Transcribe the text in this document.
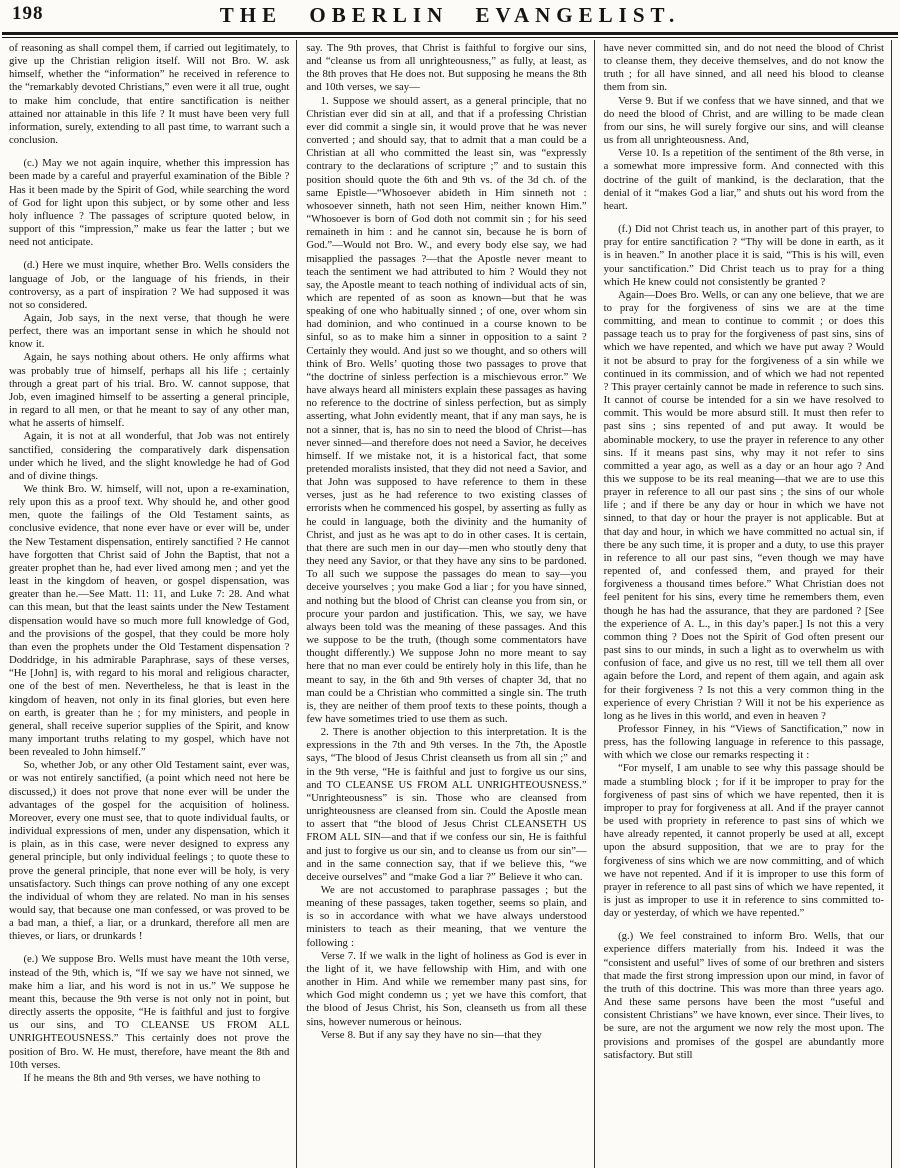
198	THE OBERLIN EVANGELIST.

of reasoning as shall compel them, if carried out legitimately, to give up the Christian religion itself. Will not Bro. W. ask himself, whether the “information” he received in reference to the “remarkably devoted Christians,” even were it all true, ought to make him conclude, that entire sanctification is neither attained nor attainable in this life ? It must have been very full information, surely, extending to all past time, to warrant such a conclusion.

(c.) May we not again inquire, whether this impression has been made by a careful and prayerful examination of the Bible ? Has it been made by the Spirit of God, while searching the word of God for light upon this subject, or by some other and less holy influence ? The passages of scripture quoted below, in support of this “impression,” make us fear the latter ; but we need not anticipate.

(d.) Here we must inquire, whether Bro. Wells considers the language of Job, or the language of his friends, in their controversy, as a part of inspiration ? We had supposed it was not so considered.

Again, Job says, in the next verse, that though he were perfect, there was an important sense in which he should not know it.

Again, he says nothing about others. He only affirms what was probably true of himself, perhaps all his life ; certainly through a great part of his trial. Bro. W. cannot suppose, that Job, even imagined himself to be asserting a general principle, in regard to all men, or that he meant to say of any other man, what he asserts of himself.

Again, it is not at all wonderful, that Job was not entirely sanctified, considering the comparatively dark dispensation under which he lived, and the slight knowledge he had of God and of divine things.

We think Bro. W. himself, will not, upon a re-examination, rely upon this as a proof text. Why should he, and other good men, quote the failings of the Old Testament saints, as conclusive evidence, that none ever have or ever will be, under the New Testament dispensation, entirely sanctified ? He cannot have forgotten that Christ said of John the Baptist, that not a greater prophet than he, had ever lived among men ; and yet the least in the kingdom of heaven, or gospel dispensation, was greater than he.—See Matt. 11: 11, and Luke 7: 28. And what can this mean, but that the least saints under the New Testament dispensation would have so much more full knowledge of God, and the provisions of the gospel, that they could be more holy than even the prophets under the Old Testament dispensation ? Doddridge, in his admirable Paraphrase, says of these verses, “He [John] is, with regard to his moral and religious character, one of the best of men. Nevertheless, he that is least in the kingdom of heaven, not only in its final glories, but even here on earth, is greater than he ; for my ministers, and people in general, shall receive superior supplies of the Spirit, and know many important truths relating to my gospel, which have not been revealed to John himself.”

So, whether Job, or any other Old Testament saint, ever was, or was not entirely sanctified, (a point which need not here be discussed,) it does not prove that none ever will be under the advantages of the gospel for the acquisition of holiness. Moreover, every one must see, that to quote individual faults, or individual expressions of men, under any dispensation, which it is plain, as in this case, were never designed to express any general principle, but only individual feelings ; to quote these to prove the general principle, that none ever will be holy, is very unsatisfactory. Such things can prove nothing of any one except the individual of whom they are related. No man in his senses would say, that because one man confessed, or was proved to be a bad man, a thief, a liar, or a drunkard, therefore all men are thieves, or liars, or drunkards !

(e.) We suppose Bro. Wells must have meant the 10th verse, instead of the 9th, which is, “If we say we have not sinned, we make him a liar, and his word is not in us.” We suppose he meant this, because the 9th verse is not only not in point, but directly asserts the opposite, “He is faithful and just to forgive us our sins, and TO CLEANSE US FROM ALL UNRIGHTEOUSNESS.” This certainly does not prove the position of Bro. W. He must, therefore, have meant the 8th and 10th verses.

If he means the 8th and 9th verses, we have nothing to

say. The 9th proves, that Christ is faithful to forgive our sins, and “cleanse us from all unrighteousness,” as fully, at least, as the 8th proves that He does not. But supposing he means the 8th and 10th verses, we say—

1. Suppose we should assert, as a general principle, that no Christian ever did sin at all, and that if a professing Christian ever did commit a single sin, it would prove that he was never converted ; and should say, that to admit that a man could be a Christian at all who committed the least sin, was “expressly contrary to the declarations of scripture ;” and to sustain this position should quote the 6th and 9th vs. of the 3d ch. of the same Epistle—“Whosoever abideth in Him sinneth not : whosoever sinneth, hath not seen Him, neither known Him.” “Whosoever is born of God doth not commit sin ; for his seed remaineth in him : and he cannot sin, because he is born of God.”—Would not Bro. W., and every body else say, we had misapplied the passages ?—that the Apostle never meant to teach the sentiment we had attributed to him ? Would they not say, the Apostle meant to teach nothing of individual acts of sin, which are repented of as soon as known—but that he was speaking of one who habitually sinned ; of one, over whom sin had dominion, and who continued in a course known to be sinful, so as to make him a sinner in opposition to a saint ? Certainly they would. And just so we thought, and so others will think of Bro. Wells’ quoting those two passages to prove that “the doctrine of sinless perfection is a mischievous error.” We have always heard all ministers explain these passages as having no reference to the doctrine of sinless perfection, but as simply asserting, what John evidently meant, that if any man says, he is not a sinner, that is, has no sin to need the blood of Christ—has never sinned—and therefore does not need a Savior, he deceives himself. If we mistake not, it is a historical fact, that some pretended moralists insisted, that they did not need a Savior, and that John was supposed to have reference to them in these verses, just as he had reference to two existing classes of errorists when he commenced his gospel, by asserting as fully as he could in language, both the divinity and the humanity of Christ, and just as he was apt to do in other cases. It is certain, that there are such men in our day—men who stoutly deny that they need any Savior, or that they have any sins to be pardoned. To all such we suppose the passages do mean to say—you deceive yourselves ; you make God a liar ; for you have sinned, and nothing but the blood of Christ can cleanse you from sin, or procure your pardon and justification. This, we say, we have always been told was the meaning of these passages. And this we suppose to be the truth, (though some commentators have thought differently.) We suppose John no more meant to say here that no man ever could be entirely holy in this life, than he meant to say, in the 6th and 9th verses of chapter 3d, that no man could be a Christian who committed a single sin. The truth is, they are neither of them proof texts to these points, though a few have sometimes tried to use them as such.

2. There is another objection to this interpretation. It is the expressions in the 7th and 9th verses. In the 7th, the Apostle says, “The blood of Jesus Christ cleanseth us from all sin ;” and in the 9th verse, “He is faithful and just to forgive us our sins, and TO CLEANSE US FROM ALL UNRIGHTEOUSNESS.” “Unrighteousness” is sin. Those who are cleansed from unrighteousness are cleansed from sin. Could the Apostle mean to assert that “the blood of Jesus Christ CLEANSETH US FROM ALL SIN—and that if we confess our sin, He is faithful and just to forgive us our sin, and to cleanse us from our sin”—and in the same connection say, that if we believe this, “we deceive ourselves” and “make God a liar ?” Believe it who can.

We are not accustomed to paraphrase passages ; but the meaning of these passages, taken together, seems so plain, and is so in accordance with what we have always understood ministers to teach as their meaning, that we venture the following :

Verse 7. If we walk in the light of holiness as God is ever in the light of it, we have fellowship with Him, and with one another in Him. And while we remember many past sins, for which God might condemn us ; yet we have this comfort, that the blood of Jesus Christ, his Son, cleanseth us from all these sins, however numerous or heinous.

Verse 8. But if any say they have no sin—that they

have never committed sin, and do not need the blood of Christ to cleanse them, they deceive themselves, and do not know the truth ; for all have sinned, and all need his blood to cleanse them from sin.

Verse 9. But if we confess that we have sinned, and that we do need the blood of Christ, and are willing to be made clean from our sins, he will surely forgive our sins, and will cleanse us from all unrighteousness. And,

Verse 10. Is a repetition of the sentiment of the 8th verse, in a somewhat more impressive form. And connected with this doctrine of the guilt of mankind, is the declaration, that the denial of it “makes God a liar,” and shuts out his word from the heart.

(f.) Did not Christ teach us, in another part of this prayer, to pray for entire sanctification ? “Thy will be done in earth, as it is in heaven.” In another place it is said, “This is his will, even your sanctification.” Did Christ teach us to pray for a thing which He knew could not consistently be granted ?

Again—Does Bro. Wells, or can any one believe, that we are to pray for the forgiveness of sins we are at the time committing, and mean to continue to commit ; or does this passage teach us to pray for the forgiveness of past sins, sins of which we have repented, and which we have put away ? Would it not be absurd to pray for the forgiveness of a sin while we continued in its commission, and of which we had not repented ? This prayer certainly cannot be made in reference to such sins. It cannot of course be intended for a sin we have resolved to commit. This would be more absurd still. It must then refer to past sins ; sins repented of and put away. It would be abominable mockery, to use the prayer in reference to any other sins. If it means past sins, why may it not refer to sins committed a year ago, as well as a day or an hour ago ? And this we suppose to be its real meaning—that we are to use this prayer in reference to all our past sins ; the sins of our whole life ; and if there be any day or hour in which we have not sinned, to that day or hour the prayer is not applicable. But at that day and hour, in which we have committed no actual sin, if there be any such time, it is proper and a duty, to use this prayer in reference to all our past sins, “even though we may have repented of, and confessed them, and prayed for their forgiveness a thousand times before.” What Christian does not feel penitent for his sins, every time he remembers them, even though he has had the assurance, that they are pardoned ? [See the experience of A. L., in this day’s paper.] Is not this a very common thing ? Does not the Spirit of God often present our past sins to our minds, in such a light as to overwhelm us with confusion of face, and give us no rest, till we tell them all over again before the Lord, and repent of them again, and again ask for their forgiveness ? Is not this a very common thing in the experience of every Christian ? Will it not be his experience as long as he lives in this world, and even in heaven ?

Professor Finney, in his “Views of Sanctification,” now in press, has the following language in reference to this passage, with which we close our remarks respecting it :

“For myself, I am unable to see why this passage should be made a stumbling block ; for if it be improper to pray for the forgiveness of past sins of which we have repented, then it is improper to pray for forgiveness at all. And if the prayer cannot be used with propriety in reference to past sins of which we have already repented, it cannot properly be used at all, except upon the absurd supposition, that we are to pray for the forgiveness of sins which we are now committing, and of which we have not repented. And if it is improper to use this form of prayer in reference to all past sins of which we have repented, it is just as improper to use it in reference to sins committed to-day or yesterday, of which we have repented.”

(g.) We feel constrained to inform Bro. Wells, that our experience differs materially from his. Indeed it was the “consistent and useful” lives of some of our brethren and sisters that made the first strong impression upon our mind, in favor of the truth of this doctrine. This was more than three years ago. And these same persons have been the most “useful and consistent Christians” we have known, ever since. Their lives, to be sure, are not the argument we now rely the most upon. The provisions and promises of the gospel are abundantly more satisfactory. But still
